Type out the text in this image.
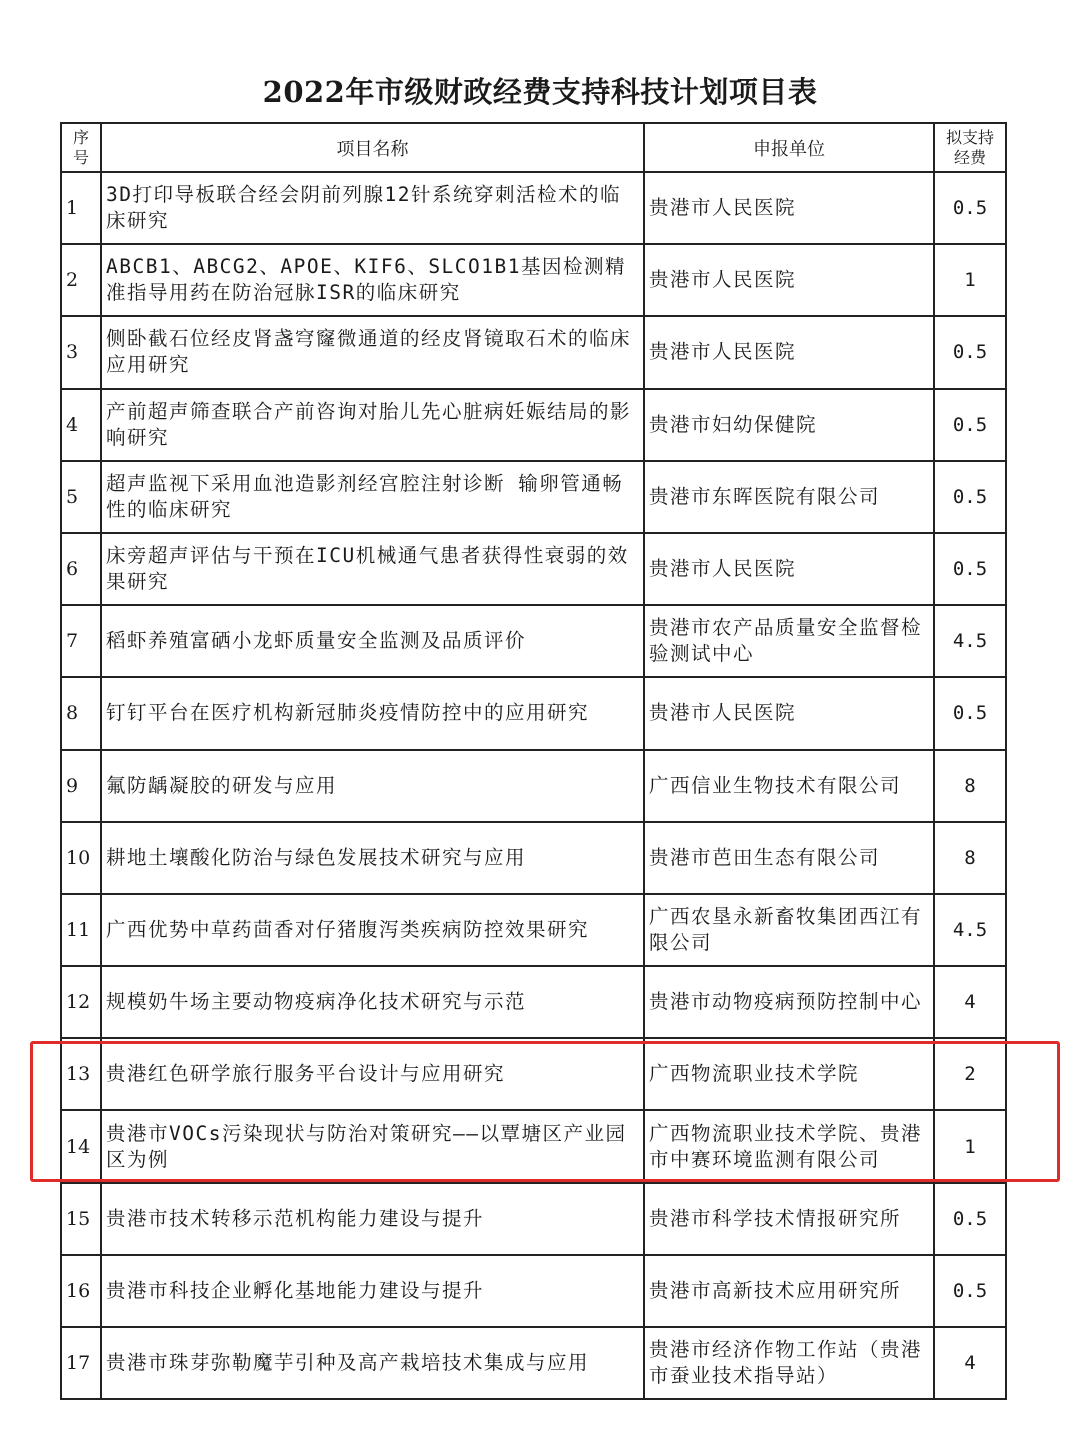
2022年市级财政经费支持科技计划项目表
序号	项目名称	申报单位	拟支持经费
1	3D打印导板联合经会阴前列腺12针系统穿刺活检术的临床研究	贵港市人民医院	0.5
2	ABCB1、ABCG2、APOE、KIF6、SLCO1B1基因检测精准指导用药在防治冠脉ISR的临床研究	贵港市人民医院	1
3	侧卧截石位经皮肾盏穹窿微通道的经皮肾镜取石术的临床应用研究	贵港市人民医院	0.5
4	产前超声筛查联合产前咨询对胎儿先心脏病妊娠结局的影响研究	贵港市妇幼保健院	0.5
5	超声监视下采用血池造影剂经宫腔注射诊断 输卵管通畅性的临床研究	贵港市东晖医院有限公司	0.5
6	床旁超声评估与干预在ICU机械通气患者获得性衰弱的效果研究	贵港市人民医院	0.5
7	稻虾养殖富硒小龙虾质量安全监测及品质评价	贵港市农产品质量安全监督检验测试中心	4.5
8	钉钉平台在医疗机构新冠肺炎疫情防控中的应用研究	贵港市人民医院	0.5
9	氟防龋凝胶的研发与应用	广西信业生物技术有限公司	8
10	耕地土壤酸化防治与绿色发展技术研究与应用	贵港市芭田生态有限公司	8
11	广西优势中草药茴香对仔猪腹泻类疾病防控效果研究	广西农垦永新畜牧集团西江有限公司	4.5
12	规模奶牛场主要动物疫病净化技术研究与示范	贵港市动物疫病预防控制中心	4
13	贵港红色研学旅行服务平台设计与应用研究	广西物流职业技术学院	2
14	贵港市VOCs污染现状与防治对策研究——以覃塘区产业园区为例	广西物流职业技术学院、贵港市中赛环境监测有限公司	1
15	贵港市技术转移示范机构能力建设与提升	贵港市科学技术情报研究所	0.5
16	贵港市科技企业孵化基地能力建设与提升	贵港市高新技术应用研究所	0.5
17	贵港市珠芽弥勒魔芋引种及高产栽培技术集成与应用	贵港市经济作物工作站（贵港市蚕业技术指导站）	4
